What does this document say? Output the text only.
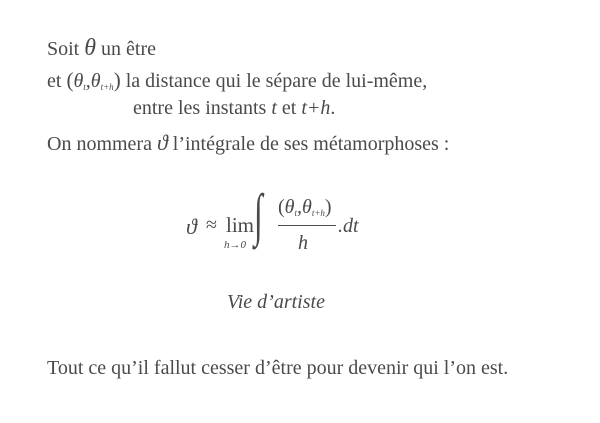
Soit θ un être
et $(\theta_t,\theta_{t+h})$ la distance qui le sépare de lui-même,
entre les instants t et t+h.
On nommera ϑ l’intégrale de ses métamorphoses :
ϑ ≈ lim
h→0 ∫ $(\theta_t,\theta_{t+h})$
h
.dt
Vie d’artiste
Tout ce qu’il fallut cesser d’être pour devenir qui l’on est.
